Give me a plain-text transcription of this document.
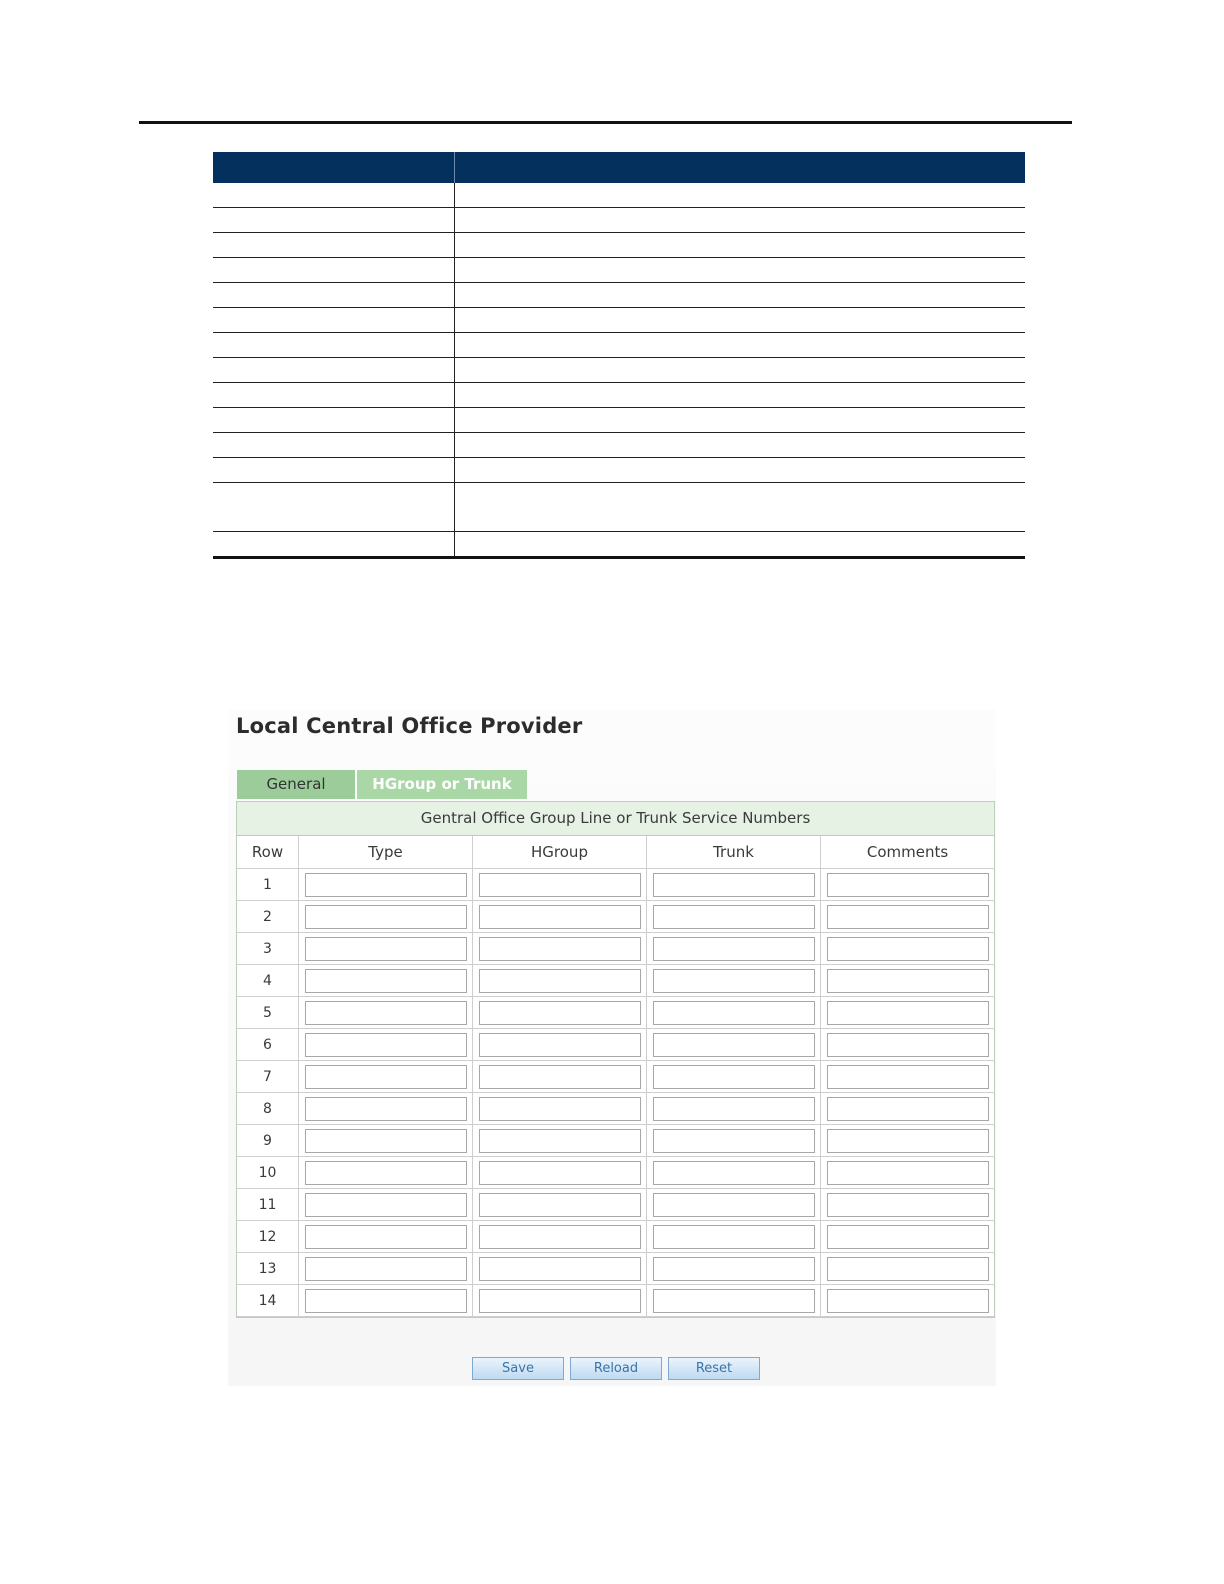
Local Central Office Provider
General	HGroup or Trunk
Gentral Office Group Line or Trunk Service Numbers
Row	Type	HGroup	Trunk	Comments
1
2
3
4
5
6
7
8
9
10
11
12
13
14
Save	Reload	Reset
